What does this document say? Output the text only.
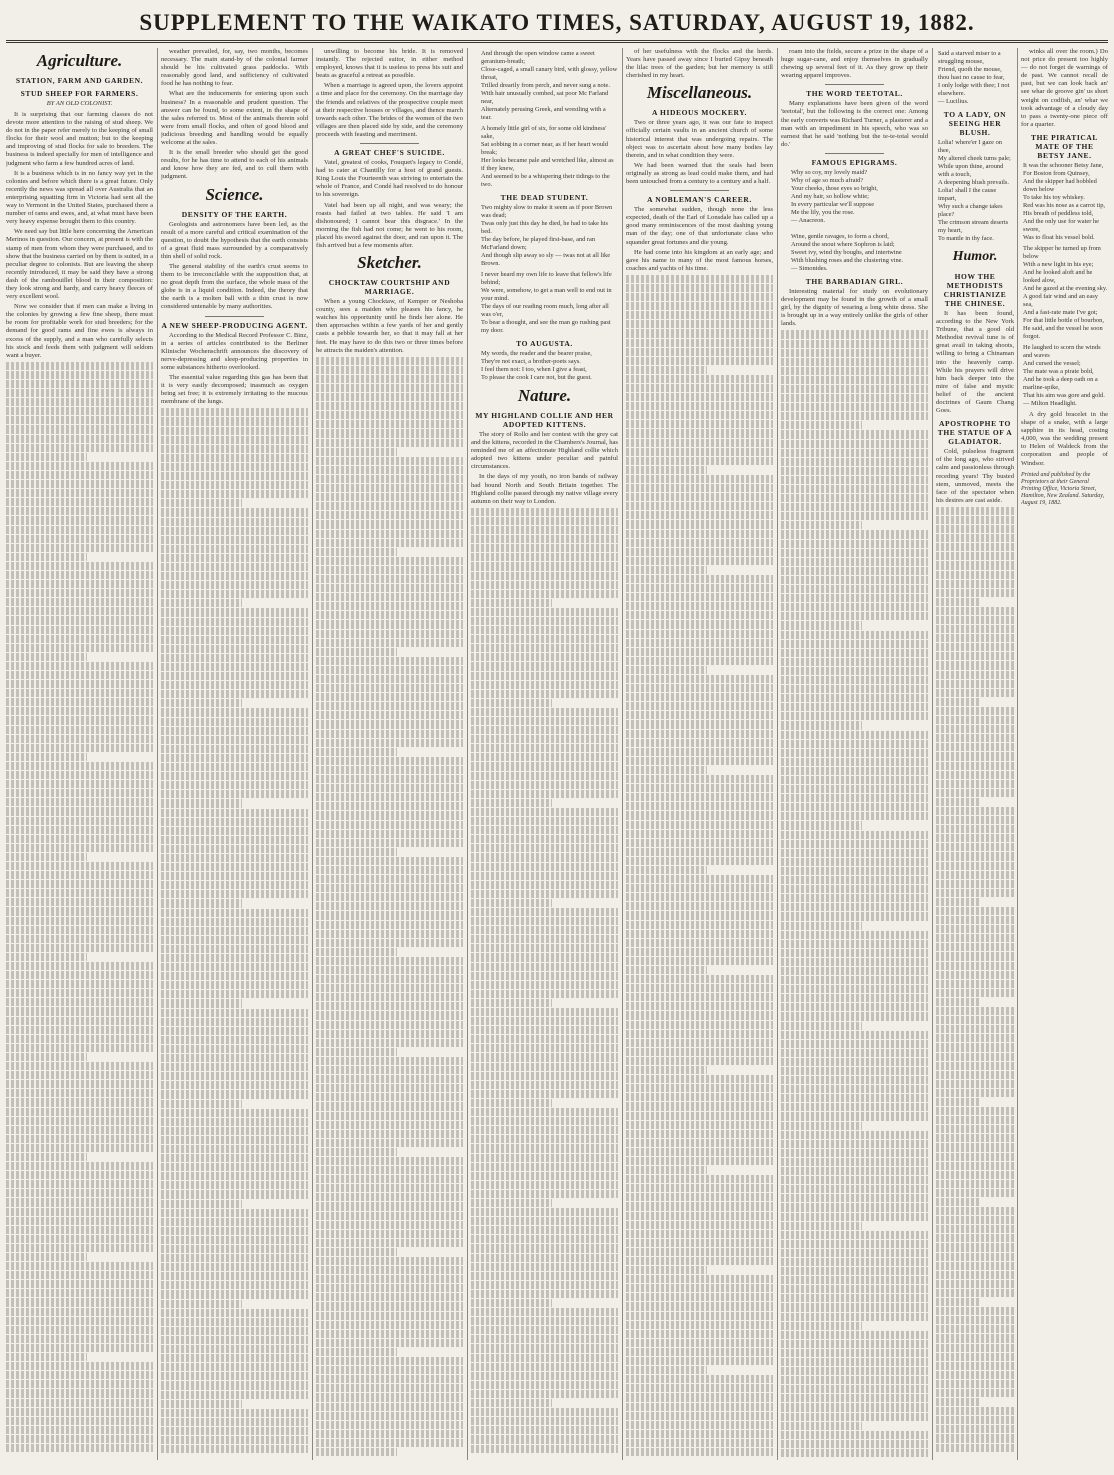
SUPPLEMENT TO THE WAIKATO TIMES, SATURDAY, AUGUST 19, 1882.
Agriculture.
STATION, FARM AND GARDEN.
STUD SHEEP FOR FARMERS.
BY AN OLD COLONIST.

It is surprising that our farming classes do not devote more attention to the raising of stud sheep. We do not in the paper refer merely to the keeping of small flocks for their wool and mutton; but to the keeping and improving of stud flocks for sale to breeders. The business is indeed specially for men of intelligence and judgment who farm a few hundred acres of land.

It is a business which is in no fancy way yet in the colonies and before which there is a great future. Only recently the news was spread all over Australia that an enterprising squatting firm in Victoria had sent all the way to Vermont in the United States, purchased there a number of rams and ewes, and, at what must have been very heavy expense brought them to this country.

We need say but little here concerning the American Merinos in question. Our concern, at present is with the stamp of men from whom they were purchased, and to show that the business carried on by them is suited, in a peculiar degree to colonists. But are leaving the sheep recently introduced, it may be said they have a strong dash of the rambouillet blood in their composition: they look strong and hardy, and carry heavy fleeces of very excellent wool.

Now we consider that if men can make a living in the colonies by growing a few fine sheep, there must be room for profitable work for stud breeders; for the demand for good rams and fine ewes is always in excess of the supply, and a man who carefully selects his stock and feeds them with judgment will seldom want a buyer.

weather prevailed, for, say, two months, becomes necessary. The main stand-by of the colonial farmer should be his cultivated grass paddocks. With reasonably good land, and sufficiency of cultivated food he has nothing to fear.

What are the inducements for entering upon such business? In a reasonable and prudent question. The answer can be found, to some extent, in the shape of the sales referred to. Most of the animals therein sold were from small flocks, and often of good blood and judicious breeding and handling would be equally welcome at the sales.

It is the small breeder who should get the good results, for he has time to attend to each of his animals and know how they are fed, and to cull them with judgment.

Science.
DENSITY OF THE EARTH.

Geologists and astronomers have been led, as the result of a more careful and critical examination of the question, to doubt the hypothesis that the earth consists of a great fluid mass surrounded by a comparatively thin shell of solid rock.

The general stability of the earth's crust seems to them to be irreconcilable with the supposition that, at no great depth from the surface, the whole mass of the globe is in a liquid condition. Indeed, the theory that the earth is a molten ball with a thin crust is now considered untenable by many authorities.

A NEW SHEEP-PRODUCING AGENT.

According to the Medical Record Professor C. Binz, in a series of articles contributed to the Berliner Klinische Wochenschrift announces the discovery of nerve-depressing and sleep-producing properties in some substances hitherto overlooked.

The essential value regarding this gas has been that it is very easily decomposed; inasmuch as oxygen being set free; it is extremely irritating to the mucous membrane of the lungs.

unwilling to become his bride. It is removed instantly. The rejected suitor, in either method employed, knows that it is useless to press his suit and beats as graceful a retreat as possible.

When a marriage is agreed upon, the lovers appoint a time and place for the ceremony. On the marriage day the friends and relatives of the prospective couple meet at their respective houses or villages, and thence march towards each other. The brides of the women of the two villages are then placed side by side, and the ceremony proceeds with feasting and merriment.

A GREAT CHEF'S SUICIDE.

Vatel, greatest of cooks, Fouquet's legacy to Condé, had to cater at Chantilly for a host of grand guests. King Louis the Fourteenth was striving to entertain the whole of France, and Condé had resolved to do honour to his sovereign.

Vatel had been up all night, and was weary; the roasts had failed at two tables. He said 'I am dishonoured; I cannot bear this disgrace.' In the morning the fish had not come; he went to his room, placed his sword against the door, and ran upon it. The fish arrived but a few moments after.

Sketcher.
CHOCKTAW COURTSHIP AND MARRIAGE.

When a young Chocktaw, of Kemper or Neshoba county, sees a maiden who pleases his fancy, he watches his opportunity until he finds her alone. He then approaches within a few yards of her and gently casts a pebble towards her, so that it may fall at her feet. He may have to do this two or three times before he attracts the maiden's attention.

And through the open window came a sweet geranium-breath;
Close-caged, a small canary bird, with glossy, yellow throat,
Trilled drearily from perch, and never sung a note.
With hair unusually combed, sat poor Mc Farland near,
Alternately perusing Greek, and wrestling with a tear.
A homely little girl of six, for some old kindness' sake,
Sat sobbing in a corner near, as if her heart would break;
Her looks became pale and wretched like, almost as if they knew,
And seemed to be a whispering their tidings to the two.
THE DEAD STUDENT.
Two mighty slow to make it seem as if poor Brown was dead;
Twas only just this day he died, he had to take his bed.
The day before, he played first-base, and ran McFarland down;
And though slip away so sly — twas not at all like Brown.
I never heard my own life to leave that fellow's life behind;
We were, somehow, to get a man well to end out in your mind.
The days of our reading room much, long after all was o'er,
To bear a thought, and see the man go rushing past my door.
TO AUGUSTA.
My words, the reader and the bearer praise,
They're not exact, a brother-poets says.
I feel them not: I too, when I give a feast,
To please the cook I care not, but the guest.
Nature.
MY HIGHLAND COLLIE AND HER ADOPTED KITTENS.

The story of Rollo and her contest with the grey cat and the kittens, recorded in the Chambers's Journal, has reminded me of an affectionate Highland collie which adopted two kittens under peculiar and painful circumstances.

In the days of my youth, no iron bands of railway had bound North and South Britain together. The Highland collie passed through my native village every autumn on their way to London.

of her usefulness with the flocks and the herds. Years have passed away since I buried Gipsy beneath the lilac trees of the garden; but her memory is still cherished in my heart.

Miscellaneous.
A HIDEOUS MOCKERY.

Two or three years ago, it was our fate to inspect officially certain vaults in an ancient church of some historical interest that was undergoing repairs. The object was to ascertain about how many bodies lay therein, and in what condition they were.

We had been warned that the seals had been originally as strong as lead could make them, and had been untouched from a century to a century and a half.

A NOBLEMAN'S CAREER.

The somewhat sudden, though none the less expected, death of the Earl of Lonsdale has called up a good many reminiscences of the most dashing young man of the day; one of that unfortunate class who squander great fortunes and die young.

He had come into his kingdom at an early age; and gave his name to many of the most famous horses, coaches and yachts of his time.

roam into the fields, secure a prize in the shape of a huge sugar-cane, and enjoy themselves in gradually chewing up several feet of it. As they grow up their wearing apparel improves.

THE WORD TEETOTAL.

Many explanations have been given of the word 'teetotal', but the following is the correct one: Among the early converts was Richard Turner, a plasterer and a man with an impediment in his speech, who was so earnest that he said 'nothing but the te-te-total would do.'

FAMOUS EPIGRAMS.
Why so coy, my lovely maid?
Why of age so much afraid?
Your cheeks, those eyes so bright,
And my hair, so hollow white;
In every particular we'll suppose
Me the lily, you the rose.
— Anacreon.

Wine, gentle ravages, to form a chord,
Around the snout where Sophron is laid;
Sweet ivy, wind thy boughs, and intertwine
With blushing roses and the clustering vine.
— Simonides.
THE BARBADIAN GIRL.

Interesting material for study on evolutionary development may be found in the growth of a small girl, by the dignity of wearing a long white dress. She is brought up in a way entirely unlike the girls of other lands.

Said a starved miser to a struggling mouse,
Friend, quoth the mouse, thou hast no cause to fear,
I only lodge with thee; I not elsewhere.
— Lucilius.
TO A LADY, ON SEEING HER BLUSH.
Lolia! where'er I gaze on thee,
My altered cheek turns pale;
While upon thine, around with a touch,
A deepening blush prevails.
Lolia! shall I the cause impart,
Why such a change takes place?
The crimson stream deserts my heart,
To mantle in thy face.
Humor.
HOW THE METHODISTS CHRISTIANIZE THE CHINESE.

It has been found, according to the New York Tribune, that a good old Methodist revival tune is of great avail in taking shoots, willing to bring a Chinaman into the heavenly camp. While his prayers will drive him back deeper into the mire of false and mystic belief of the ancient doctrines of Gaum Chang Goes.

APOSTROPHE TO THE STATUE OF A GLADIATOR.

Cold, pulseless fragment of the long ago, who strived calm and passionless through receding years! Thy busted stem, unmoved, meets the face of the spectator when his desires are cast aside.

winks all over the room.) Do not price do present too highly — do not forget de warnings of de past. We cannot recall de past, but we can look back an' see whar de groove gin' us short weight on codfish, an' whar we took advantage of a cloudy day to pass a twenty-one piece off for a quarter.

THE PIRATICAL MATE OF THE BETSY JANE.
It was the schooner Betsy Jane,
For Boston from Quinsey,
And the skipper had hobbled down below
To take his toy whiskey.
Red was his nose as a carrot tip,
His breath of peddless told,
And the only use for water he swore,
Was to float his vessel bold.
The skipper he turned up from below
With a new light in his eye;
And he looked aloft and he looked alow,
And he gazed at the evening sky.
A good fair wind and an easy sea,
And a fast-rate mate I've got;
For that little bottle of bourbon,
He said, and the vessel he soon forgot.
He laughed to scorn the winds and waves
And cursed the vessel;
The mate was a pirate bold,
And he took a deep oath on a marline-spike,
That his aim was gore and gold.
— Milton Headlight.

A dry gold bracelet in the shape of a snake, with a large sapphire in its head, costing 4,000, was the wedding present to Helen of Waldeck from the corporation and people of Windsor.

Printed and published by the Proprietors at their General Printing Office, Victoria Street, Hamilton, New Zealand. Saturday, August 19, 1882.
